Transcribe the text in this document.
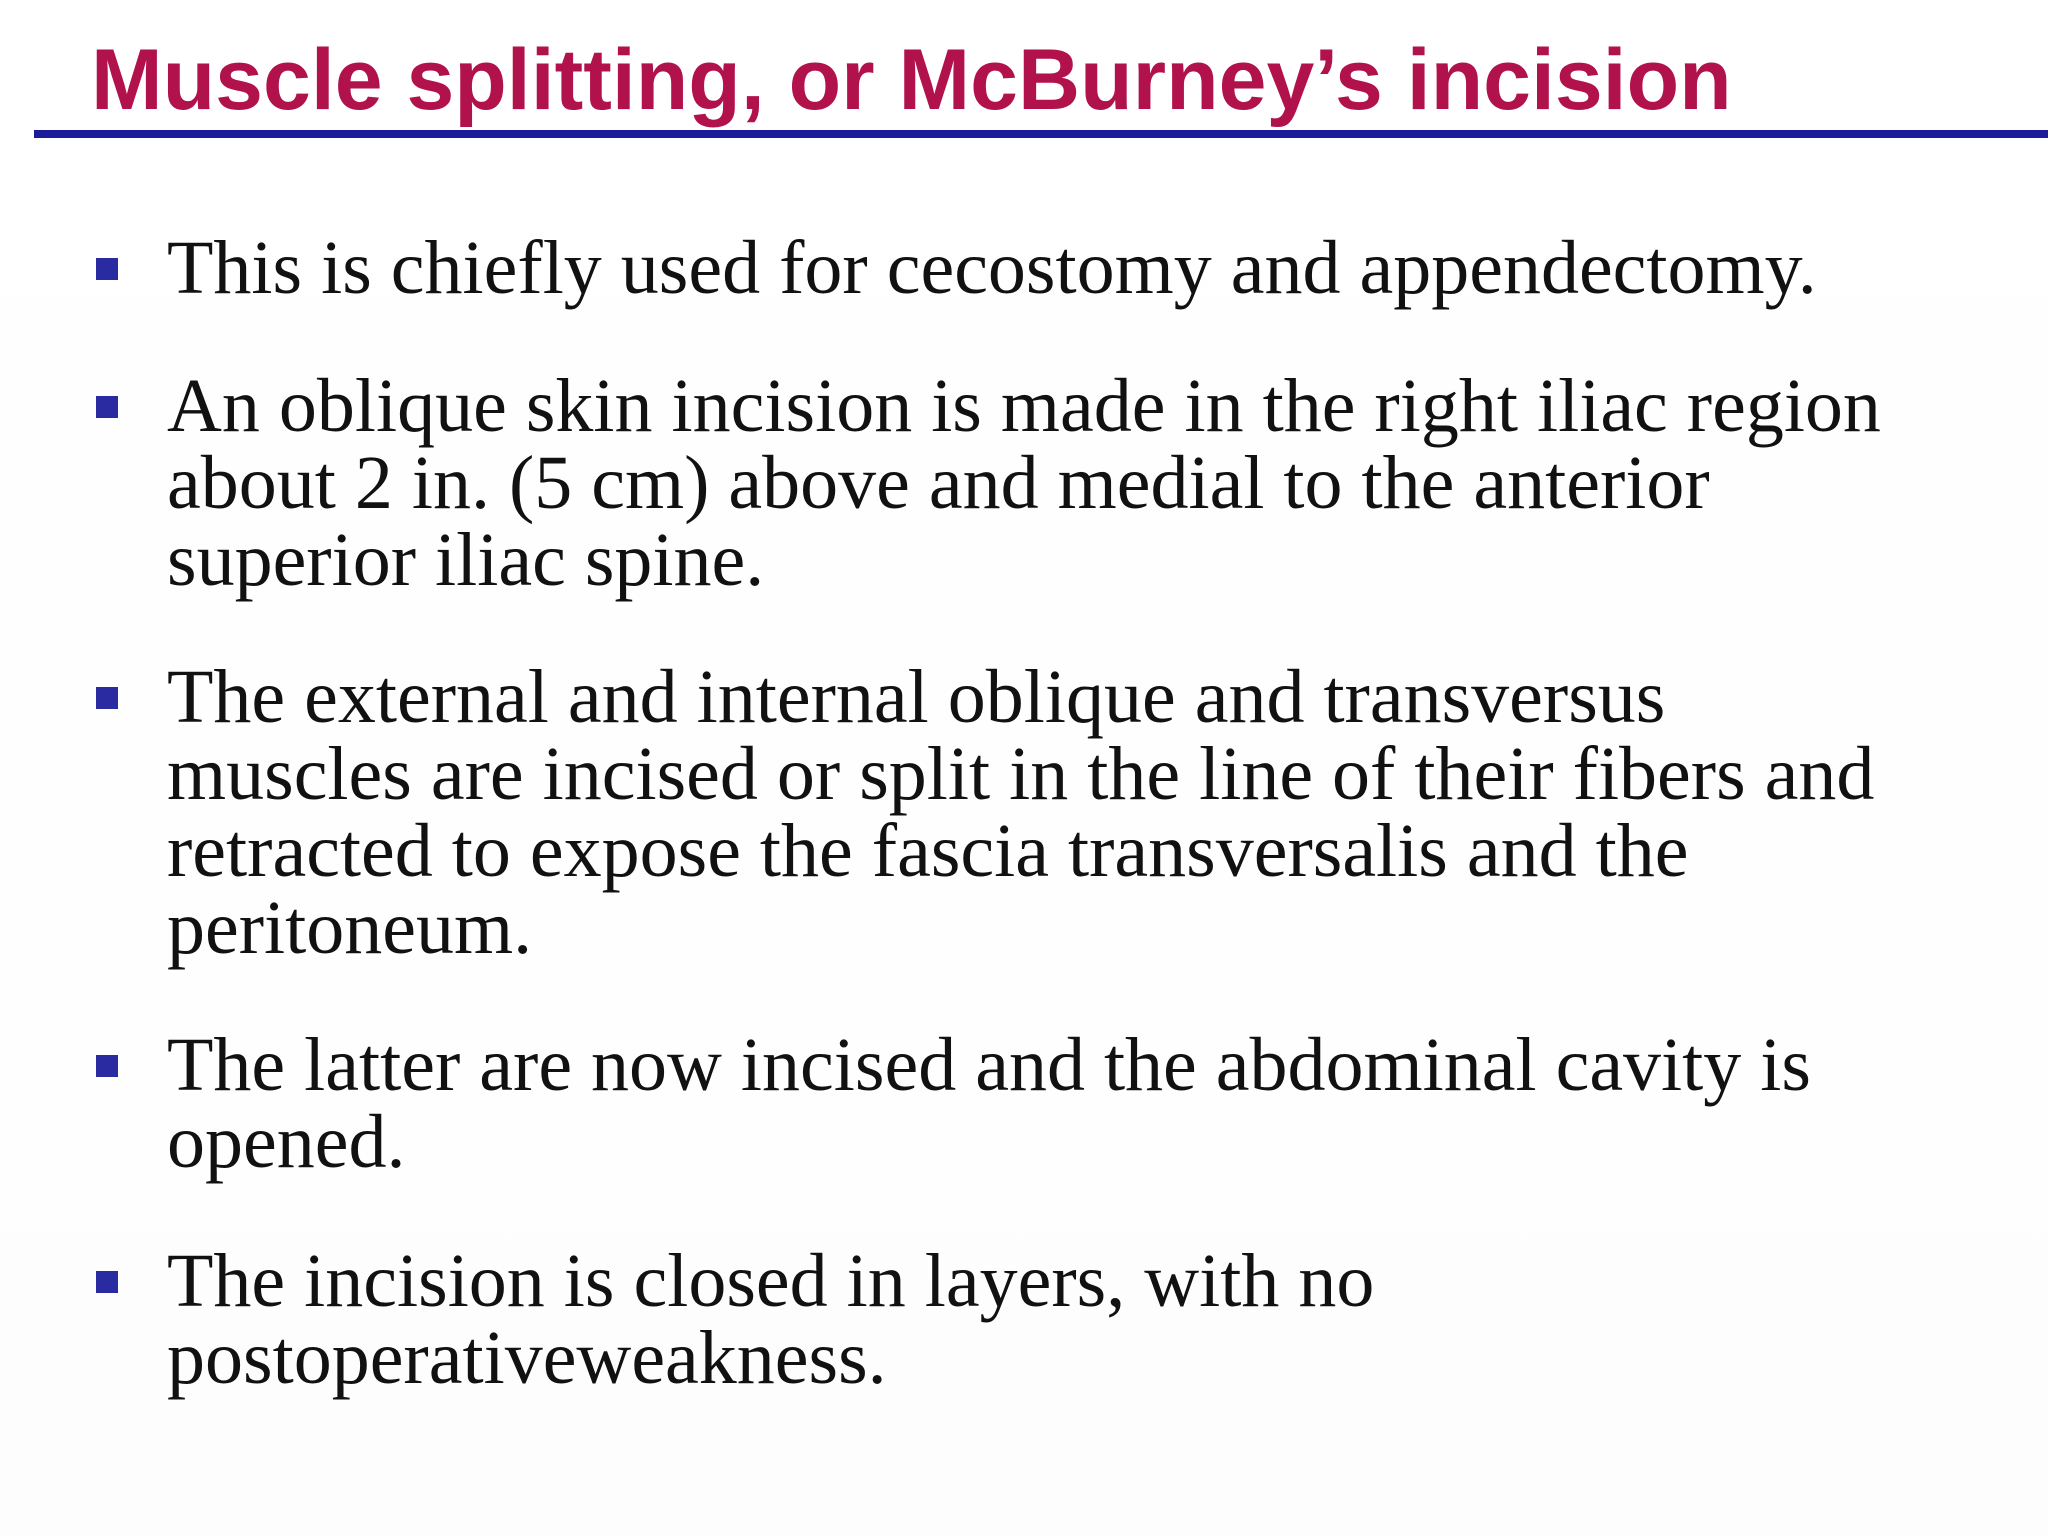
Muscle splitting, or McBurney’s incision

This is chiefly used for cecostomy and appendectomy.

An oblique skin incision is made in the right iliac region
about 2 in. (5 cm) above and medial to the anterior
superior iliac spine.

The external and internal oblique and transversus
muscles are incised or split in the line of their fibers and
retracted to expose the fascia transversalis and the
peritoneum.

The latter are now incised and the abdominal cavity is
opened.

The incision is closed in layers, with no
postoperativeweakness.
